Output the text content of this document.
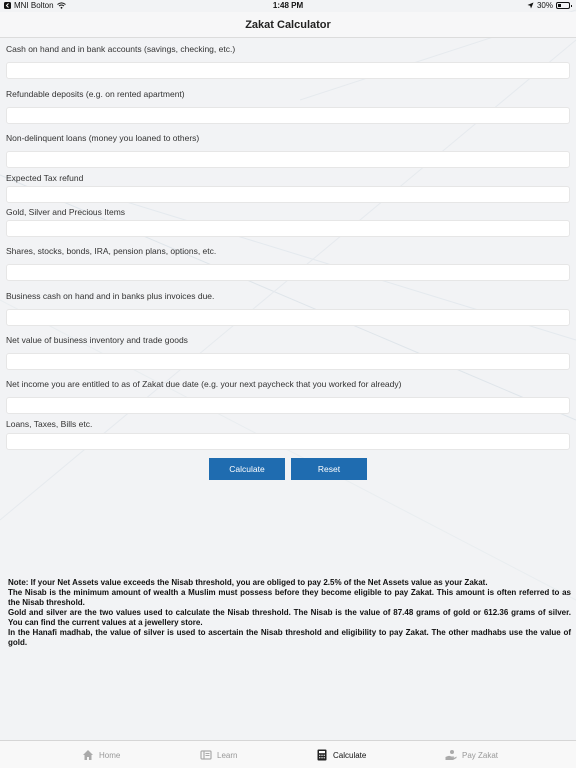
MNI Bolton	1:48 PM	30%
Zakat Calculator
Cash on hand and in bank accounts (savings, checking, etc.)
Refundable deposits (e.g. on rented apartment)
Non-delinquent loans (money you loaned to others)
Expected Tax refund
Gold, Silver and Precious Items
Shares, stocks, bonds, IRA, pension plans, options, etc.
Business cash on hand and in banks plus invoices due.
Net value of business inventory and trade goods
Net income you are entitled to as of Zakat due date (e.g. your next paycheck that you worked for already)
Loans, Taxes, Bills etc.
Calculate	Reset
Note: If your Net Assets value exceeds the Nisab threshold, you are obliged to pay 2.5% of the Net Assets value as your Zakat.
The Nisab is the minimum amount of wealth a Muslim must possess before they become eligible to pay Zakat. This amount is often referred to as the Nisab threshold.
Gold and silver are the two values used to calculate the Nisab threshold. The Nisab is the value of 87.48 grams of gold or 612.36 grams of silver. You can find the current values at a jewellery store.
In the Hanafi madhab, the value of silver is used to ascertain the Nisab threshold and eligibility to pay Zakat. The other madhabs use the value of gold.
Home	Learn	Calculate	Pay Zakat
